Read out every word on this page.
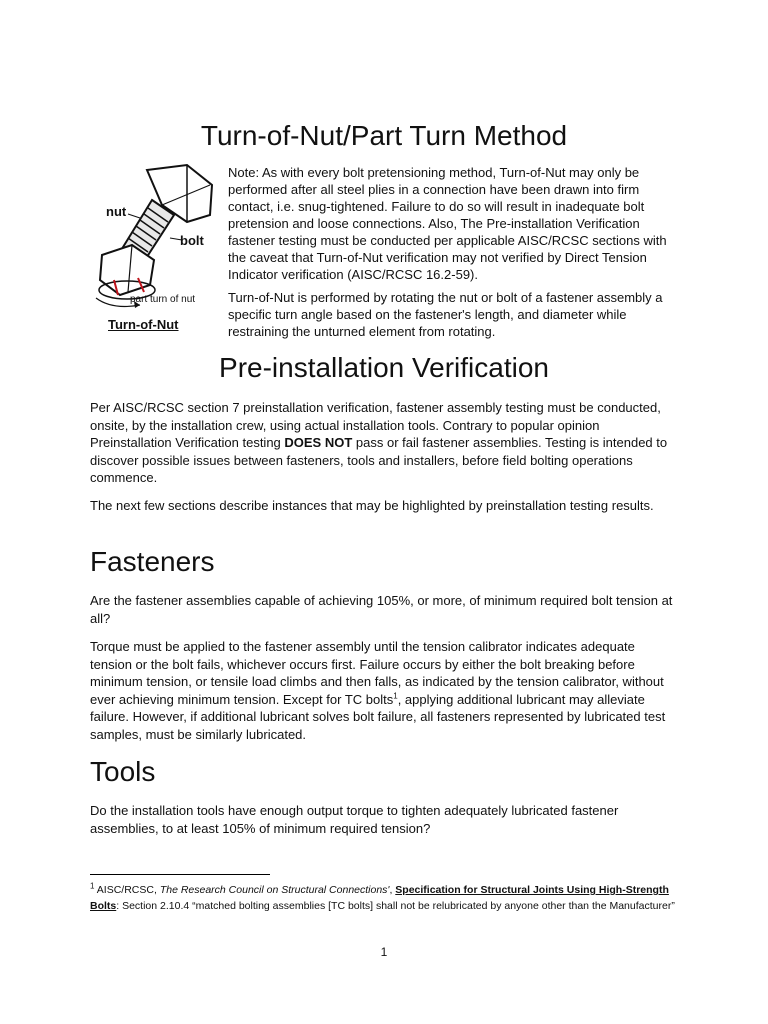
Turn-of-Nut/Part Turn Method
nut
bolt
part turn of nut
Turn-of-Nut

Note: As with every bolt pretensioning method, Turn-of-Nut may only be performed after all steel plies in a connection have been drawn into firm contact, i.e. snug-tightened. Failure to do so will result in inadequate bolt pretension and loose connections. Also, The Pre-installation Verification fastener testing must be conducted per applicable AISC/RCSC sections with the caveat that Turn-of-Nut verification may not verified by Direct Tension Indicator verification (AISC/RCSC 16.2-59).

Turn-of-Nut is performed by rotating the nut or bolt of a fastener assembly a specific turn angle based on the fastener's length, and diameter while restraining the unturned element from rotating.

Pre-installation Verification

Per AISC/RCSC section 7 preinstallation verification, fastener assembly testing must be conducted, onsite, by the installation crew, using actual installation tools. Contrary to popular opinion Preinstallation Verification testing DOES NOT pass or fail fastener assemblies. Testing is intended to discover possible issues between fasteners, tools and installers, before field bolting operations commence.

The next few sections describe instances that may be highlighted by preinstallation testing results.

Fasteners

Are the fastener assemblies capable of achieving 105%, or more, of minimum required bolt tension at all?

Torque must be applied to the fastener assembly until the tension calibrator indicates adequate tension or the bolt fails, whichever occurs first. Failure occurs by either the bolt breaking before minimum tension, or tensile load climbs and then falls, as indicated by the tension calibrator, without ever achieving minimum tension. Except for TC bolts$^1$, applying additional lubricant may alleviate failure. However, if additional lubricant solves bolt failure, all fasteners represented by lubricated test samples, must be similarly lubricated.

Tools

Do the installation tools have enough output torque to tighten adequately lubricated fastener assemblies, to at least 105% of minimum required tension?

$^1$ AISC/RCSC, The Research Council on Structural Connections', Specification for Structural Joints Using High-Strength Bolts: Section 2.10.4 “matched bolting assemblies [TC bolts] shall not be relubricated by anyone other than the Manufacturer”

1
